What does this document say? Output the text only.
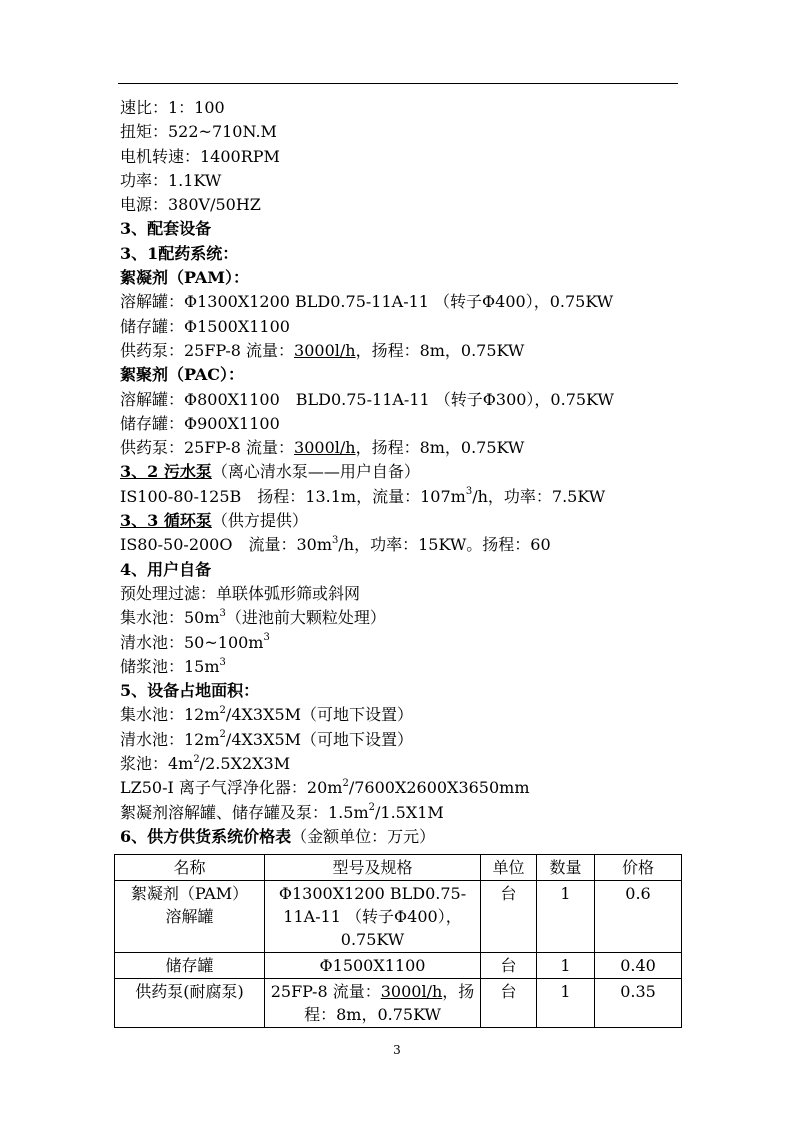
速比：1：100
扭矩：522~710N.M
电机转速：1400RPM
功率：1.1KW
电源：380V/50HZ
3、配套设备
3、1配药系统：
絮凝剂（PAM）：
溶解罐：Φ1300X1200 BLD0.75-11A-11 （转子Φ400），0.75KW
储存罐：Φ1500X1100
供药泵：25FP-8 流量：3000l/h，扬程：8m，0.75KW
絮聚剂（PAC）：
溶解罐：Φ800X1100　BLD0.75-11A-11 （转子Φ300），0.75KW
储存罐：Φ900X1100
供药泵：25FP-8 流量：3000l/h，扬程：8m，0.75KW
3、2 污水泵（离心清水泵——用户自备）
IS100-80-125B　扬程：13.1m，流量：$107m^3/h$，功率：7.5KW
3、3 循环泵（供方提供）
IS80-50-200O　流量：$30m^3/h$，功率：15KW。扬程：60
4、用户自备
预处理过滤：单联体弧形筛或斜网
集水池：$50m^3$（进池前大颗粒处理）
清水池：$50\sim 100m^3$
储浆池：$15m^3$
5、设备占地面积：
集水池：$12m^2/4X3X5M$（可地下设置）
清水池：$12m^2/4X3X5M$（可地下设置）
浆池：$4m^2/2.5X2X3M$
LZ50-I 离子气浮净化器：$20m^2/7600X2600X3650mm$
絮凝剂溶解罐、储存罐及泵：$1.5m^2/1.5X1M$
6、供方供货系统价格表（金额单位：万元）
名称	型号及规格	单位	数量	价格
絮凝剂（PAM）溶解罐	Φ1300X1200 BLD0.75-11A-11 （转子Φ400），0.75KW	台	1	0.6
储存罐	Φ1500X1100	台	1	0.40
供药泵(耐腐泵)	25FP-8 流量：3000l/h，扬程：8m，0.75KW	台	1	0.35
3
